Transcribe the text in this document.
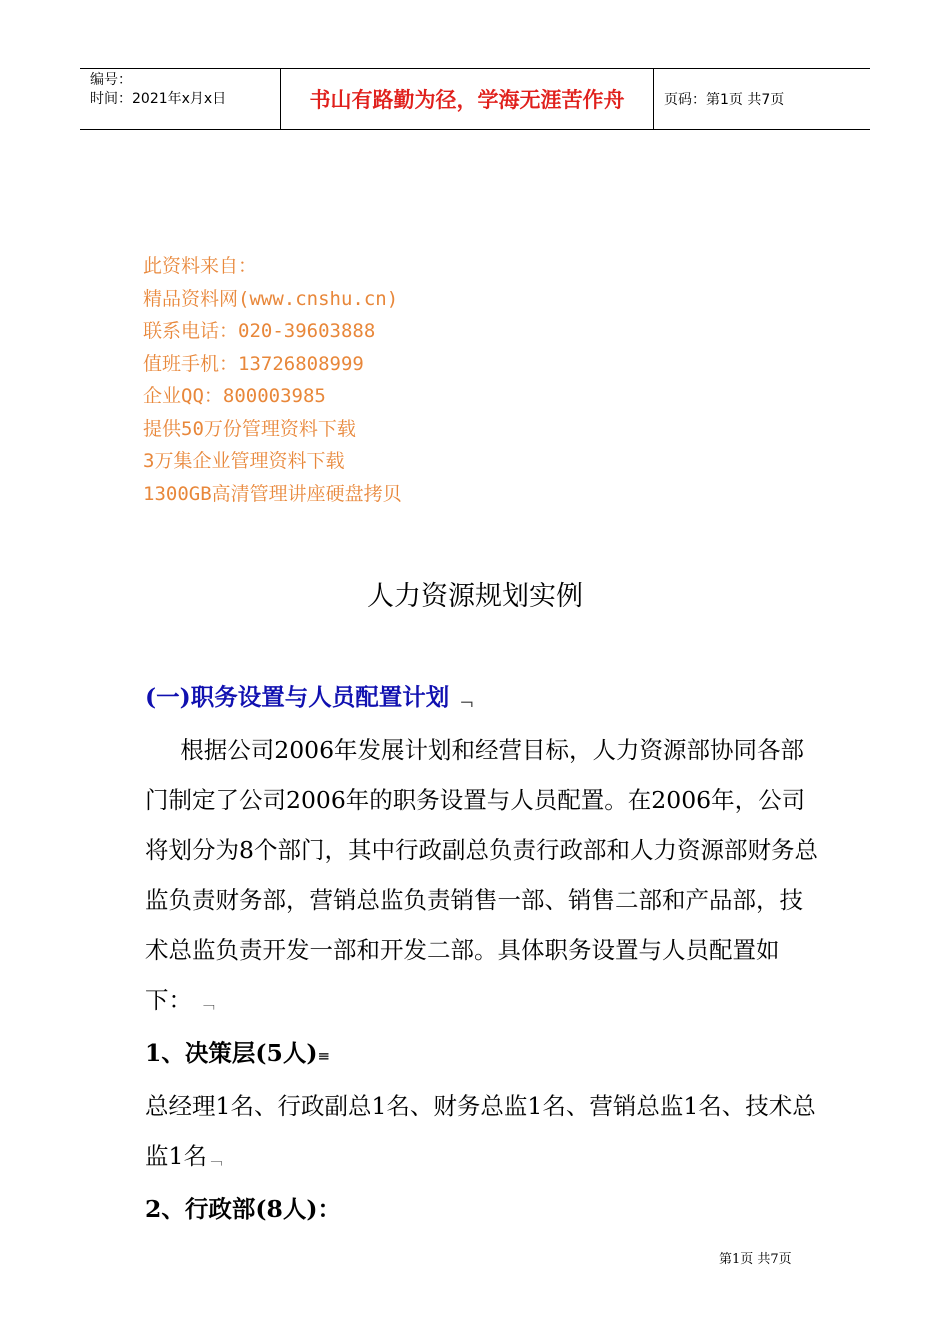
编号：
时间：2021年x月x日	书山有路勤为径，学海无涯苦作舟	页码：第1页 共7页
此资料来自：
精品资料网(www.cnshu.cn)
联系电话：020-39603888
值班手机：13726808999
企业QQ：800003985
提供50万份管理资料下载
3万集企业管理资料下载
1300GB高清管理讲座硬盘拷贝
人力资源规划实例

(一)职务设置与人员配置计划 ﹁

根据公司2006年发展计划和经营目标，人力资源部协同各部门制定了公司2006年的职务设置与人员配置。在2006年，公司将划分为8个部门，其中行政副总负责行政部和人力资源部财务总监负责财务部，营销总监负责销售一部、销售二部和产品部，技术总监负责开发一部和开发二部。具体职务设置与人员配置如下： ﹁

1、决策层(5人)≡

总经理1名、行政副总1名、财务总监1名、营销总监1名、技术总监1名﹁

2、行政部(8人)：

第1页 共7页
